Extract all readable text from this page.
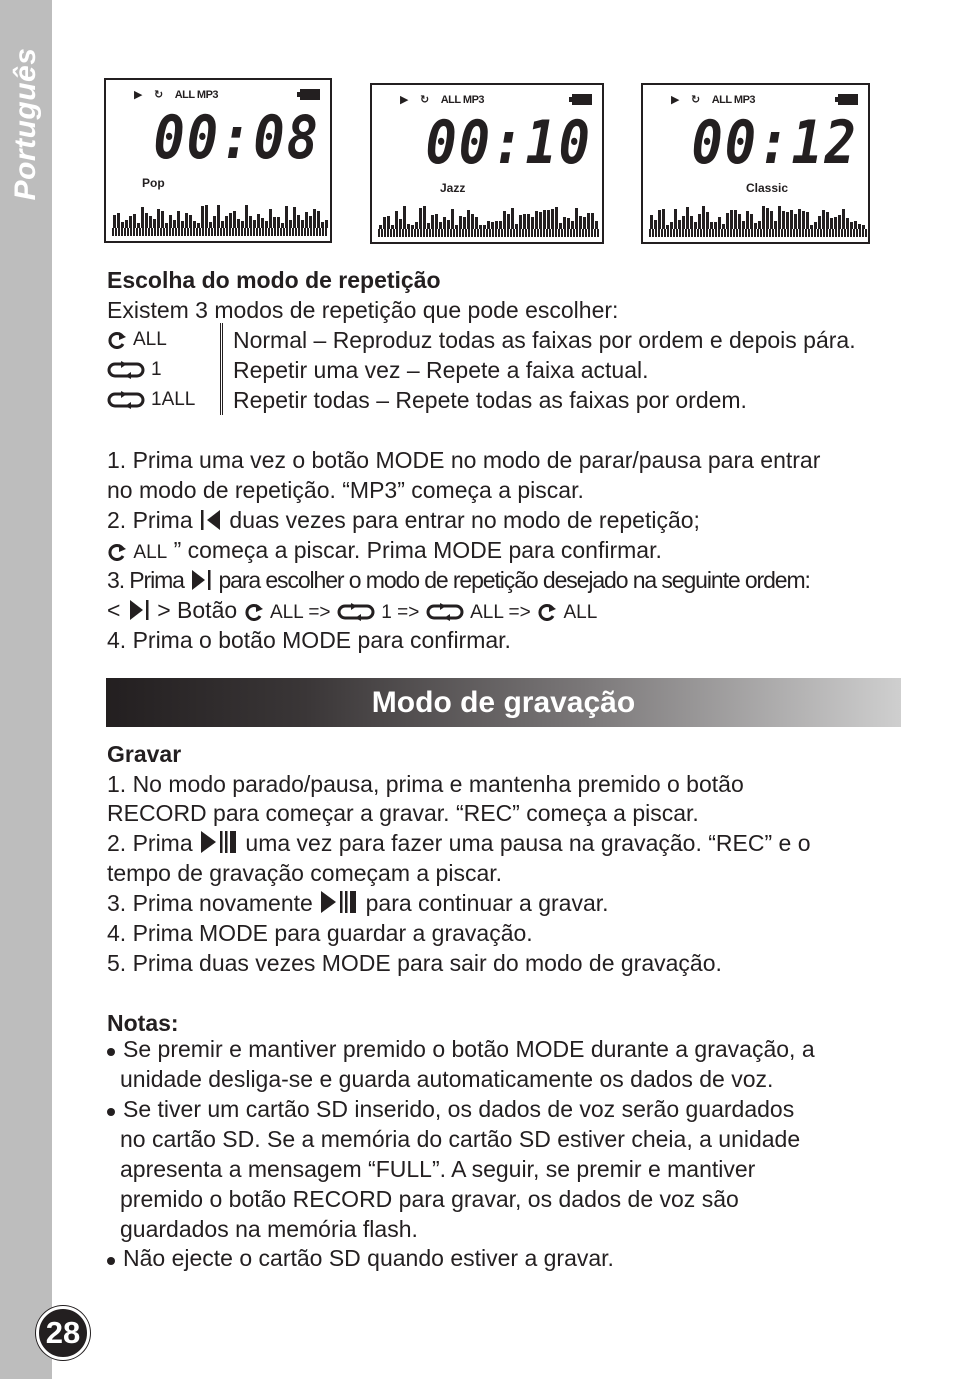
Português
28
▶ ↻ ALL MP3
00:08
Pop
▶ ↻ ALL MP3
00:10
Jazz
▶ ↻ ALL MP3
00:12
Classic
Escolha do modo de repetição
Existem 3 modos de repetição que pode escolher:
ALL	Normal – Reproduz todas as faixas por ordem e depois pára.
1	Repetir uma vez – Repete a faixa actual.
1ALL Repetir todas – Repete todas as faixas por ordem.
1. Prima uma vez o botão MODE no modo de parar/pausa para entrar
no modo de repetição. “MP3” começa a piscar.
2. Prima duas vezes para entrar no modo de repetição;
ALL ” começa a piscar. Prima MODE para confirmar.
3. Prima para escolher o modo de repetição desejado na seguinte ordem:
< > Botão ALL =>	1 =>	ALL => ALL
4. Prima o botão MODE para confirmar.
Modo de gravação
Gravar
1. No modo parado/pausa, prima e mantenha premido o botão
RECORD para começar a gravar. “REC” começa a piscar.
2. Prima uma vez para fazer uma pausa na gravação. “REC” e o
tempo de gravação começam a piscar.
3. Prima novamente para continuar a gravar.
4. Prima MODE para guardar a gravação.
5. Prima duas vezes MODE para sair do modo de gravação.
Notas:
Se premir e mantiver premido o botão MODE durante a gravação, a
unidade desliga-se e guarda automaticamente os dados de voz.
Se tiver um cartão SD inserido, os dados de voz serão guardados
no cartão SD. Se a memória do cartão SD estiver cheia, a unidade
apresenta a mensagem “FULL”. A seguir, se premir e mantiver
premido o botão RECORD para gravar, os dados de voz são
guardados na memória flash.
Não ejecte o cartão SD quando estiver a gravar.
